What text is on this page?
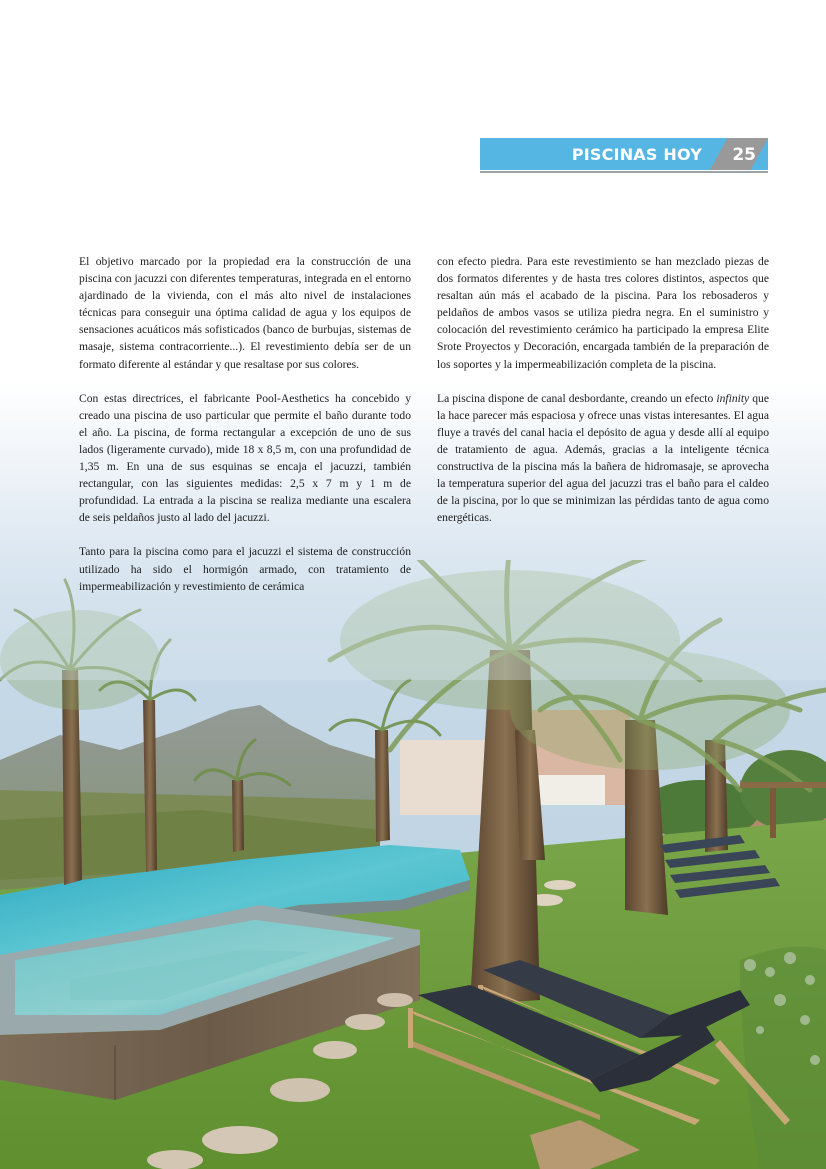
PISCINAS HOY 25

El objetivo marcado por la propiedad era la construcción de una piscina con jacuzzi con diferentes temperaturas, integrada en el entorno ajardinado de la vivienda, con el más alto nivel de instalaciones técnicas para conseguir una óptima calidad de agua y los equipos de sensaciones acuáticos más sofisticados (banco de burbujas, sistemas de masaje, sistema contracorriente...). El revestimiento debía ser de un formato diferente al estándar y que resaltase por sus colores.

Con estas directrices, el fabricante Pool-Aesthetics ha concebido y creado una piscina de uso particular que permite el baño durante todo el año. La piscina, de forma rectangular a excepción de uno de sus lados (ligeramente curvado), mide 18 x 8,5 m, con una profundidad de 1,35 m. En una de sus esquinas se encaja el jacuzzi, también rectangular, con las siguientes medidas: 2,5 x 7 m y 1 m de profundidad. La entrada a la piscina se realiza mediante una escalera de seis peldaños justo al lado del jacuzzi.

Tanto para la piscina como para el jacuzzi el sistema de construcción utilizado ha sido el hormigón armado, con tratamiento de impermeabilización y revestimiento de cerámica

con efecto piedra. Para este revestimiento se han mezclado piezas de dos formatos diferentes y de hasta tres colores distintos, aspectos que resaltan aún más el acabado de la piscina. Para los rebosaderos y peldaños de ambos vasos se utiliza piedra negra. En el suministro y colocación del revestimiento cerámico ha participado la empresa Elite Srote Proyectos y Decoración, encargada también de la preparación de los soportes y la impermeabilización completa de la piscina.

La piscina dispone de canal desbordante, creando un efecto infinity que la hace parecer más espaciosa y ofrece unas vistas interesantes. El agua fluye a través del canal hacia el depósito de agua y desde allí al equipo de tratamiento de agua. Además, gracias a la inteligente técnica constructiva de la piscina más la bañera de hidromasaje, se aprovecha la temperatura superior del agua del jacuzzi tras el baño para el caldeo de la piscina, por lo que se minimizan las pérdidas tanto de agua como energéticas.
